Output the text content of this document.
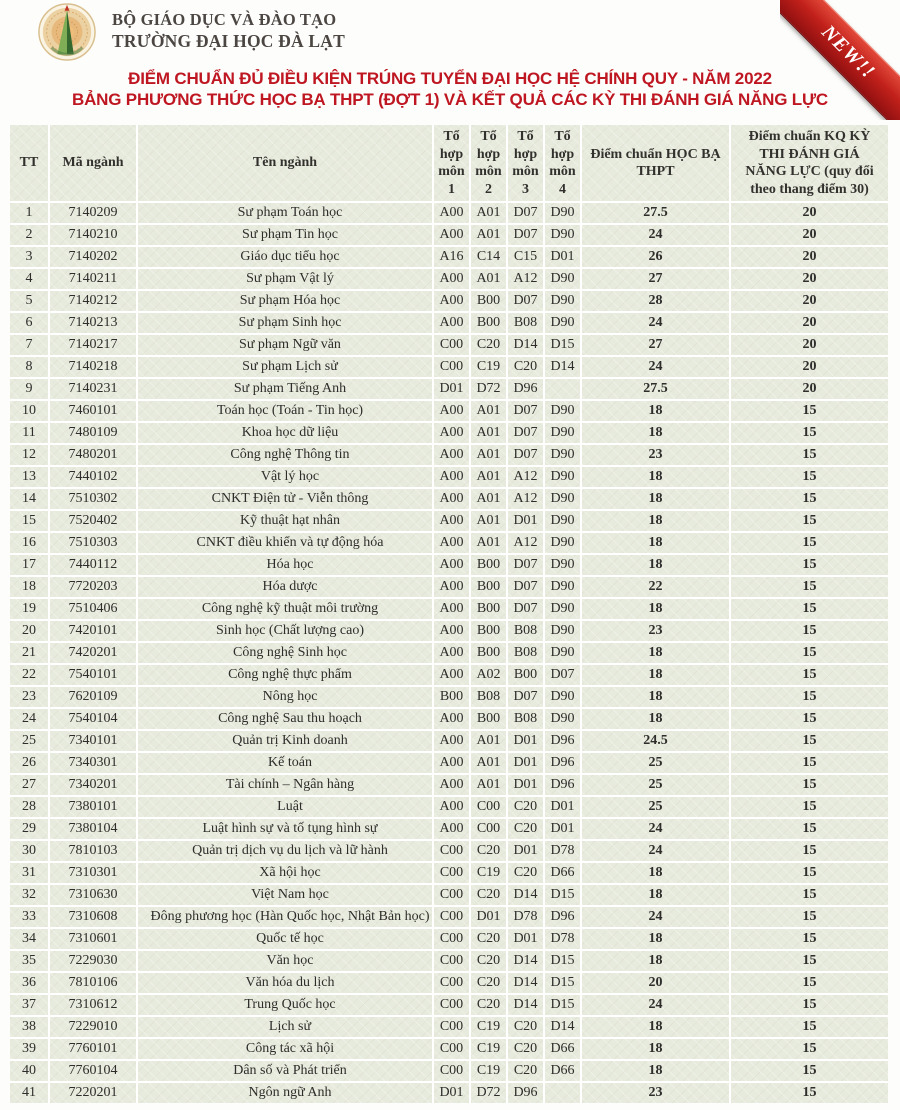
BỘ GIÁO DỤC VÀ ĐÀO TẠO
TRƯỜNG ĐẠI HỌC ĐÀ LẠT
ĐIỂM CHUẨN ĐỦ ĐIỀU KIỆN TRÚNG TUYỂN ĐẠI HỌC HỆ CHÍNH QUY - NĂM 2022
BẢNG PHƯƠNG THỨC HỌC BẠ THPT (ĐỢT 1) VÀ KẾT QUẢ CÁC KỲ THI ĐÁNH GIÁ NĂNG LỰC
NEW!!
TT	Mã ngành	Tên ngành	Tổ hợp môn 1	Tổ hợp môn 2	Tổ hợp môn 3	Tổ hợp môn 4	Điểm chuẩn HỌC BẠ THPT	Điểm chuẩn KQ KỲ THI ĐÁNH GIÁ NĂNG LỰC (quy đổi theo thang điểm 30)
1	7140209	Sư phạm Toán học	A00	A01	D07	D90	27.5	20
2	7140210	Sư phạm Tin học	A00	A01	D07	D90	24	20
3	7140202	Giáo dục tiểu học	A16	C14	C15	D01	26	20
4	7140211	Sư phạm Vật lý	A00	A01	A12	D90	27	20
5	7140212	Sư phạm Hóa học	A00	B00	D07	D90	28	20
6	7140213	Sư phạm Sinh học	A00	B00	B08	D90	24	20
7	7140217	Sư phạm Ngữ văn	C00	C20	D14	D15	27	20
8	7140218	Sư phạm Lịch sử	C00	C19	C20	D14	24	20
9	7140231	Sư phạm Tiếng Anh	D01	D72	D96		27.5	20
10	7460101	Toán học (Toán - Tin học)	A00	A01	D07	D90	18	15
11	7480109	Khoa học dữ liệu	A00	A01	D07	D90	18	15
12	7480201	Công nghệ Thông tin	A00	A01	D07	D90	23	15
13	7440102	Vật lý học	A00	A01	A12	D90	18	15
14	7510302	CNKT Điện tử - Viễn thông	A00	A01	A12	D90	18	15
15	7520402	Kỹ thuật hạt nhân	A00	A01	D01	D90	18	15
16	7510303	CNKT điều khiển và tự động hóa	A00	A01	A12	D90	18	15
17	7440112	Hóa học	A00	B00	D07	D90	18	15
18	7720203	Hóa dược	A00	B00	D07	D90	22	15
19	7510406	Công nghệ kỹ thuật môi trường	A00	B00	D07	D90	18	15
20	7420101	Sinh học (Chất lượng cao)	A00	B00	B08	D90	23	15
21	7420201	Công nghệ Sinh học	A00	B00	B08	D90	18	15
22	7540101	Công nghệ thực phẩm	A00	A02	B00	D07	18	15
23	7620109	Nông học	B00	B08	D07	D90	18	15
24	7540104	Công nghệ Sau thu hoạch	A00	B00	B08	D90	18	15
25	7340101	Quản trị Kinh doanh	A00	A01	D01	D96	24.5	15
26	7340301	Kế toán	A00	A01	D01	D96	25	15
27	7340201	Tài chính – Ngân hàng	A00	A01	D01	D96	25	15
28	7380101	Luật	A00	C00	C20	D01	25	15
29	7380104	Luật hình sự và tố tụng hình sự	A00	C00	C20	D01	24	15
30	7810103	Quản trị dịch vụ du lịch và lữ hành	C00	C20	D01	D78	24	15
31	7310301	Xã hội học	C00	C19	C20	D66	18	15
32	7310630	Việt Nam học	C00	C20	D14	D15	18	15
33	7310608	Đông phương học (Hàn Quốc học, Nhật Bản học)	C00	D01	D78	D96	24	15
34	7310601	Quốc tế học	C00	C20	D01	D78	18	15
35	7229030	Văn học	C00	C20	D14	D15	18	15
36	7810106	Văn hóa du lịch	C00	C20	D14	D15	20	15
37	7310612	Trung Quốc học	C00	C20	D14	D15	24	15
38	7229010	Lịch sử	C00	C19	C20	D14	18	15
39	7760101	Công tác xã hội	C00	C19	C20	D66	18	15
40	7760104	Dân số và Phát triển	C00	C19	C20	D66	18	15
41	7220201	Ngôn ngữ Anh	D01	D72	D96		23	15
